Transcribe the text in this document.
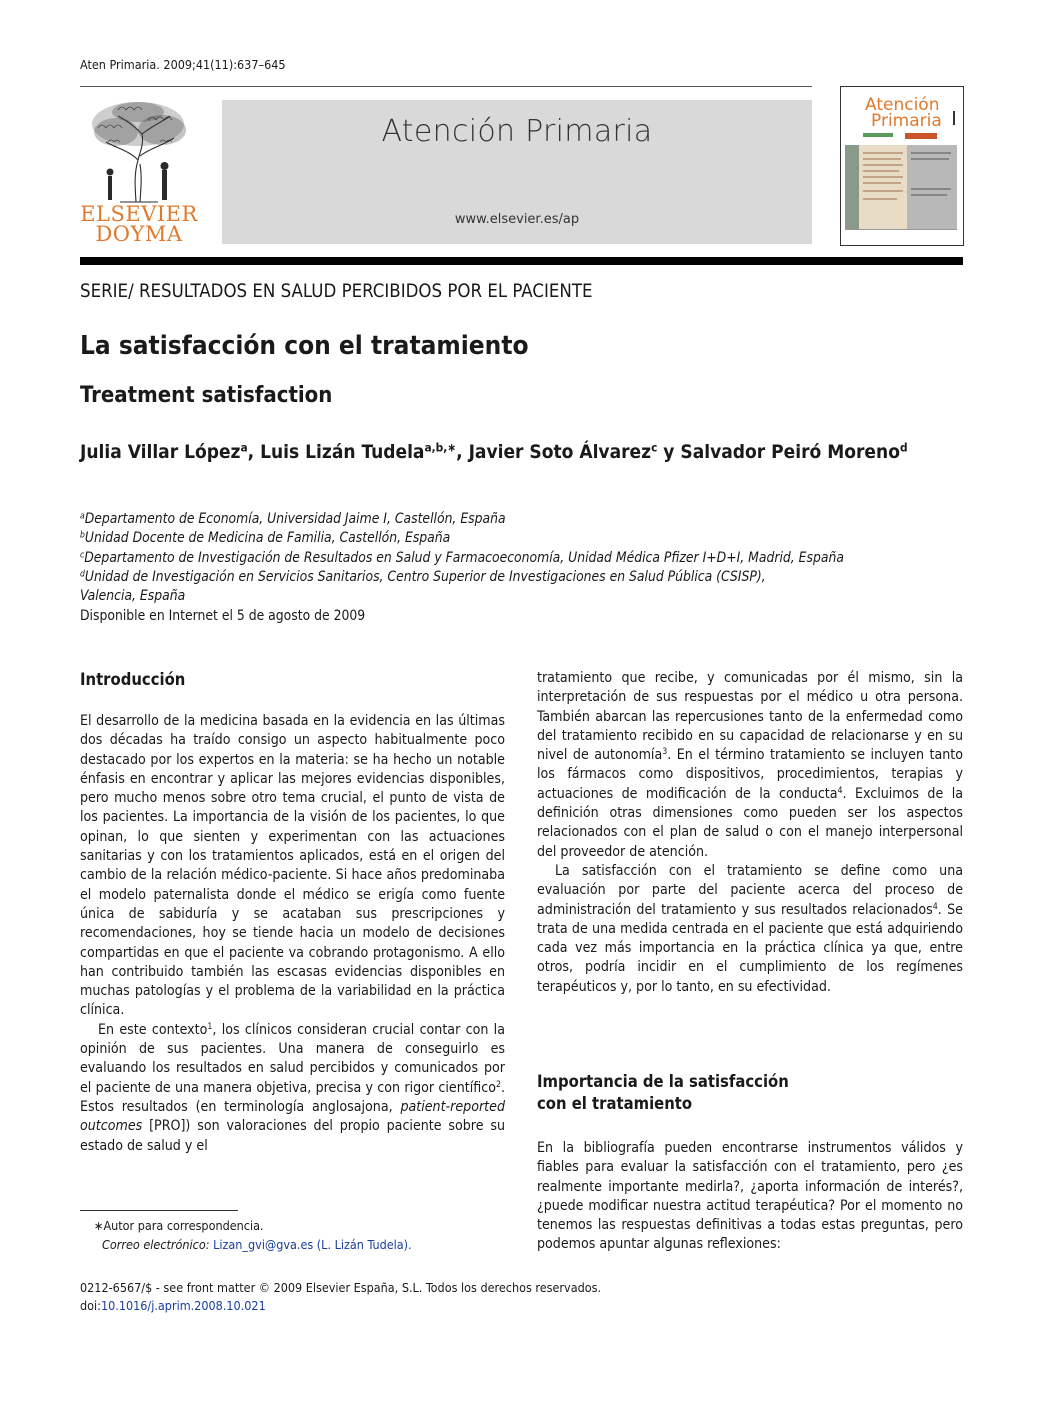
Aten Primaria. 2009;41(11):637–645
ELSEVIER
DOYMA
Atención Primaria
www.elsevier.es/ap
Atención
Primaria
SERIE/ RESULTADOS EN SALUD PERCIBIDOS POR EL PACIENTE
La satisfacción con el tratamiento
Treatment satisfaction
Julia Villar López$^a$, Luis Lizán Tudela$^{a,b,∗}$, Javier Soto Álvarez$^c$ y Salvador Peiró Moreno$^d$
$^a$Departamento de Economía, Universidad Jaime I, Castellón, España
$^b$Unidad Docente de Medicina de Familia, Castellón, España
$^c$Departamento de Investigación de Resultados en Salud y Farmacoeconomía, Unidad Médica Pfizer I+D+I, Madrid, España
$^d$Unidad de Investigación en Servicios Sanitarios, Centro Superior de Investigaciones en Salud Pública (CSISP),
Valencia, España
Disponible en Internet el 5 de agosto de 2009
Introducción

El desarrollo de la medicina basada en la evidencia en las últimas dos décadas ha traído consigo un aspecto habitualmente poco destacado por los expertos en la materia: se ha hecho un notable énfasis en encontrar y aplicar las mejores evidencias disponibles, pero mucho menos sobre otro tema crucial, el punto de vista de los pacientes. La importancia de la visión de los pacientes, lo que opinan, lo que sienten y experimentan con las actuaciones sanitarias y con los tratamientos aplicados, está en el origen del cambio de la relación médico-paciente. Si hace años predominaba el modelo paternalista donde el médico se erigía como fuente única de sabiduría y se acataban sus prescripciones y recomendaciones, hoy se tiende hacia un modelo de decisiones compartidas en que el paciente va cobrando protagonismo. A ello han contribuido también las escasas evidencias disponibles en muchas patologías y el problema de la variabilidad en la práctica clínica.

En este contexto$^1$, los clínicos consideran crucial contar con la opinión de sus pacientes. Una manera de conseguirlo es evaluando los resultados en salud percibidos y comunicados por el paciente de una manera objetiva, precisa y con rigor científico$^2$. Estos resultados (en terminología anglosajona, patient-reported outcomes [PRO]) son valoraciones del propio paciente sobre su estado de salud y el

tratamiento que recibe, y comunicadas por él mismo, sin la interpretación de sus respuestas por el médico u otra persona. También abarcan las repercusiones tanto de la enfermedad como del tratamiento recibido en su capacidad de relacionarse y en su nivel de autonomía$^3$. En el término tratamiento se incluyen tanto los fármacos como dispositivos, procedimientos, terapias y actuaciones de modificación de la conducta$^4$. Excluimos de la definición otras dimensiones como pueden ser los aspectos relacionados con el plan de salud o con el manejo interpersonal del proveedor de atención.

La satisfacción con el tratamiento se define como una evaluación por parte del paciente acerca del proceso de administración del tratamiento y sus resultados relacionados$^4$. Se trata de una medida centrada en el paciente que está adquiriendo cada vez más importancia en la práctica clínica ya que, entre otros, podría incidir en el cumplimiento de los regímenes terapéuticos y, por lo tanto, en su efectividad.

Importancia de la satisfacción
con el tratamiento

En la bibliografía pueden encontrarse instrumentos válidos y fiables para evaluar la satisfacción con el tratamiento, pero ¿es realmente importante medirla?, ¿aporta información de interés?, ¿puede modificar nuestra actitud terapéutica? Por el momento no tenemos las respuestas definitivas a todas estas preguntas, pero podemos apuntar algunas reflexiones:

∗Autor para correspondencia.
Correo electrónico: Lizan_gvi@gva.es (L. Lizán Tudela).
0212-6567/$ - see front matter © 2009 Elsevier España, S.L. Todos los derechos reservados.
doi:10.1016/j.aprim.2008.10.021
